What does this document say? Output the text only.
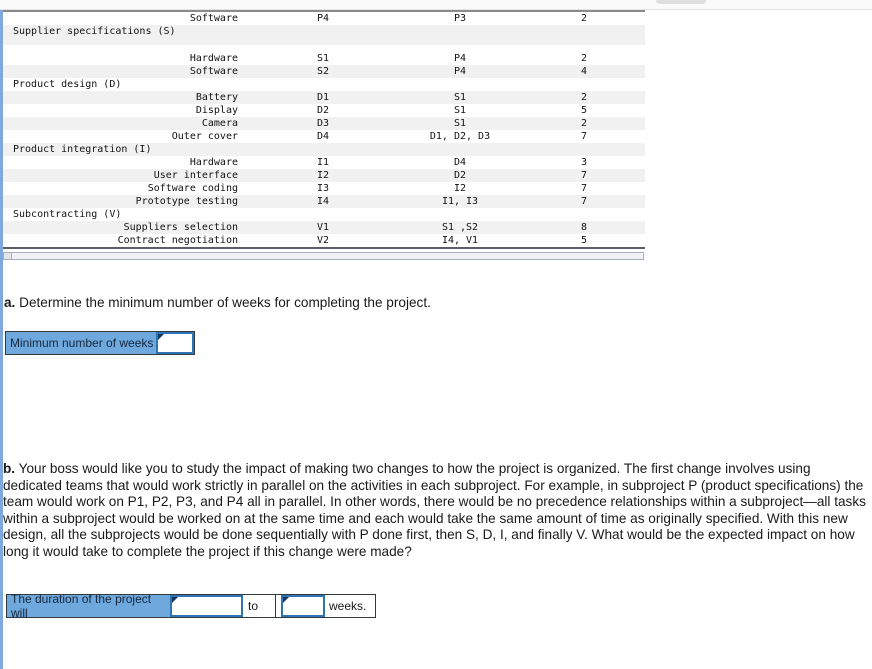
Software	P4	P3	2
Supplier specifications (S)
Hardware	S1	P4	2
Software	S2	P4	4
Product design (D)
Battery	D1	S1	2
Display	D2	S1	5
Camera	D3	S1	2
Outer cover	D4	D1, D2, D3	7
Product integration (I)
Hardware	I1	D4	3
User interface	I2	D2	7
Software coding	I3	I2	7
Prototype testing	I4	I1, I3	7
Subcontracting (V)
Suppliers selection	V1	S1 ,S2	8
Contract negotiation	V2	I4, V1	5
a. Determine the minimum number of weeks for completing the project.
Minimum number of weeks
b. Your boss would like you to study the impact of making two changes to how the project is organized. The first change involves using dedicated teams that would work strictly in parallel on the activities in each subproject. For example, in subproject P (product specifications) the team would work on P1, P2, P3, and P4 all in parallel. In other words, there would be no precedence relationships within a subproject—all tasks within a subproject would be worked on at the same time and each would take the same amount of time as originally specified. With this new design, all the subprojects would be done sequentially with P done first, then S, D, I, and finally V. What would be the expected impact on how long it would take to complete the project if this change were made?
The duration of the project will	to	weeks.
